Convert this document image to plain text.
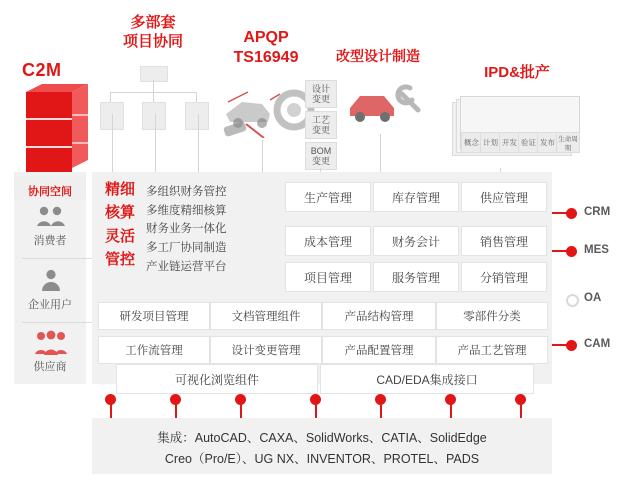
C2M
多部套
项目协同	APQP
TS16949
设计
变更
工艺
变更
BOM
变更
改型设计制造
IPD&批产
概念 计划 开发 验证 发布 生命周期
协同空间
消费者
企业用户
供应商
精细
核算
灵活
管控
多组织财务管控
多维度精细核算
财务业务一体化
多工厂协同制造
产业链运营平台
生产管理	库存管理	供应管理
成本管理	财务会计	销售管理
项目管理	服务管理	分销管理
研发项目管理	文档管理组件	产品结构管理	零部件分类
工作流管理	设计变更管理	产品配置管理	产品工艺管理
可视化浏览组件	CAD/EDA集成接口
CRM
MES
OA
CAM
集成：AutoCAD、CAXA、SolidWorks、CATIA、SolidEdge
Creo（Pro/E）、UG NX、INVENTOR、PROTEL、PADS
